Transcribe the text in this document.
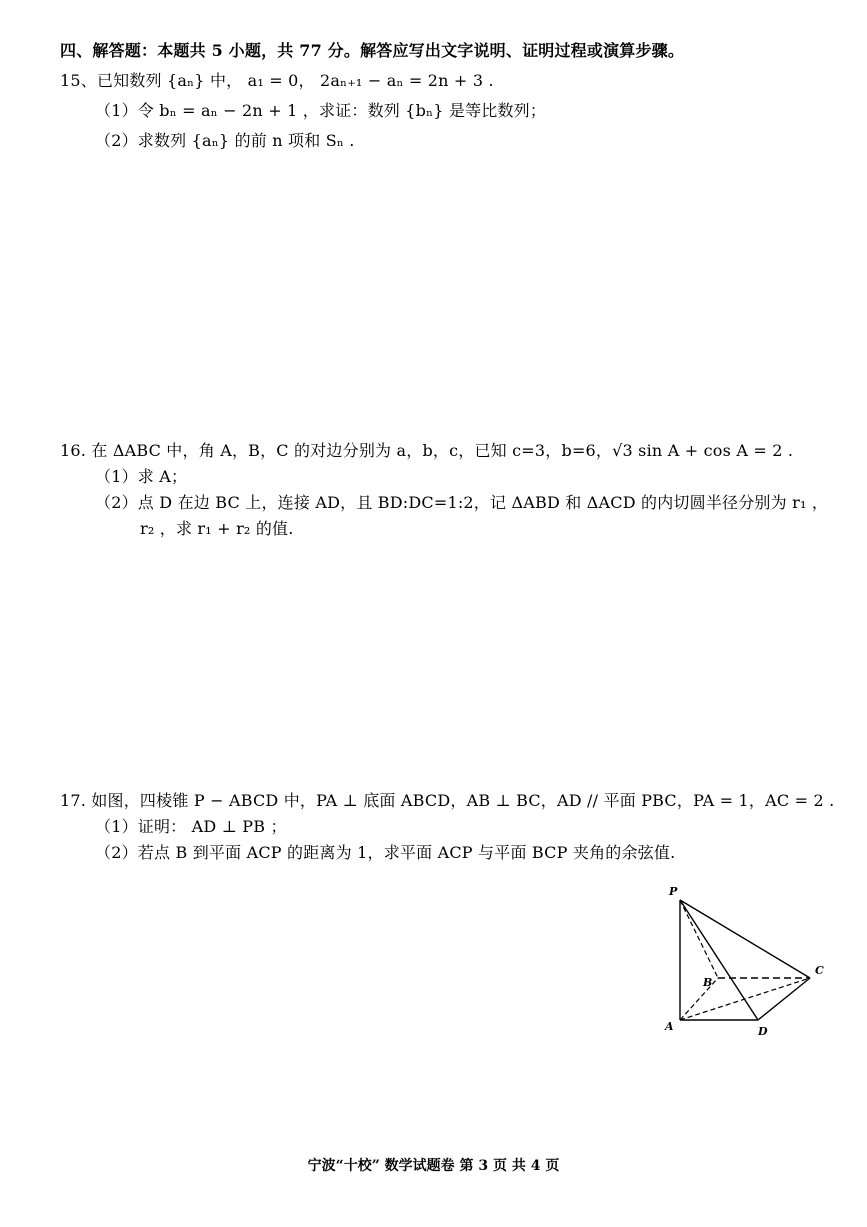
四、解答题：本题共 5 小题，共 77 分。解答应写出文字说明、证明过程或演算步骤。
15、已知数列 {aₙ} 中， a₁ = 0， 2aₙ₊₁ − aₙ = 2n + 3 .
（1）令 bₙ = aₙ − 2n + 1 ，求证：数列 {bₙ} 是等比数列；
（2）求数列 {aₙ} 的前 n 项和 Sₙ .
16. 在 ΔABC 中，角 A，B，C 的对边分别为 a，b，c，已知 c=3，b=6，√3 sin A + cos A = 2 .
（1）求 A；
（2）点 D 在边 BC 上，连接 AD，且 BD:DC=1:2，记 ΔABD 和 ΔACD 的内切圆半径分别为 r₁ ，
r₂ ，求 r₁ + r₂ 的值.
17. 如图，四棱锥 P − ABCD 中，PA ⊥ 底面 ABCD，AB ⊥ BC，AD // 平面 PBC，PA = 1，AC = 2 .
（1）证明： AD ⊥ PB ；
（2）若点 B 到平面 ACP 的距离为 1，求平面 ACP 与平面 BCP 夹角的余弦值.
P
A
B
C
D
宁波“十校” 数学试题卷 第 3 页 共 4 页
